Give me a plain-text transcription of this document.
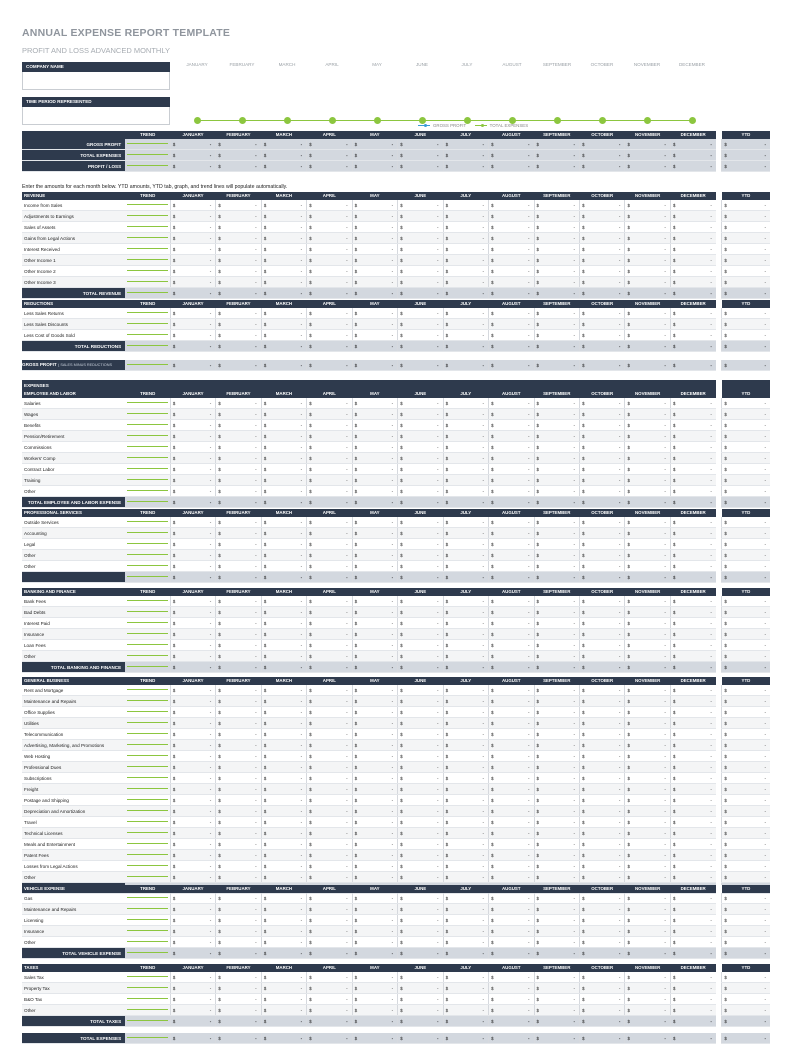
ANNUAL EXPENSE REPORT TEMPLATE
PROFIT AND LOSS ADVANCED MONTHLY
COMPANY NAME
TIME PERIOD REPRESENTED
JANUARY	FEBRUARY	MARCH	APRIL	MAY	JUNE	JULY	AUGUST	SEPTEMBER	OCTOBER	NOVEMBER	DECEMBER
GROSS PROFIT	TOTAL EXPENSES
Enter the amounts for each month below. YTD amounts, YTD tab, graph, and trend lines will populate automatically.
	TREND	JANUARY	FEBRUARY	MARCH	APRIL	MAY	JUNE	JULY	AUGUST	SEPTEMBER	OCTOBER	NOVEMBER	DECEMBER		YTD
GROSS PROFIT		$ -	$ -	$ -	$ -	$ -	$ -	$ -	$ -	$ -	$ -	$ -	$ -		$ -

TOTAL EXPENSES		$ -	$ -	$ -	$ -	$ -	$ -	$ -	$ -	$ -	$ -	$ -	$ -		$ -

PROFIT / LOSS		$ -	$ -	$ -	$ -	$ -	$ -	$ -	$ -	$ -	$ -	$ -	$ -		$ -
REVENUE	TREND	JANUARY	FEBRUARY	MARCH	APRIL	MAY	JUNE	JULY	AUGUST	SEPTEMBER	OCTOBER	NOVEMBER	DECEMBER		YTD
Income from Sales		$ -	$ -	$ -	$ -	$ -	$ -	$ -	$ -	$ -	$ -	$ -	$ -		$ -

Adjustments to Earnings		$ -	$ -	$ -	$ -	$ -	$ -	$ -	$ -	$ -	$ -	$ -	$ -		$ -

Sales of Assets		$ -	$ -	$ -	$ -	$ -	$ -	$ -	$ -	$ -	$ -	$ -	$ -		$ -

Gains from Legal Actions		$ -	$ -	$ -	$ -	$ -	$ -	$ -	$ -	$ -	$ -	$ -	$ -		$ -

Interest Received		$ -	$ -	$ -	$ -	$ -	$ -	$ -	$ -	$ -	$ -	$ -	$ -		$ -

Other Income 1		$ -	$ -	$ -	$ -	$ -	$ -	$ -	$ -	$ -	$ -	$ -	$ -		$ -

Other Income 2		$ -	$ -	$ -	$ -	$ -	$ -	$ -	$ -	$ -	$ -	$ -	$ -		$ -

Other Income 3		$ -	$ -	$ -	$ -	$ -	$ -	$ -	$ -	$ -	$ -	$ -	$ -		$ -

TOTAL REVENUE		$ -	$ -	$ -	$ -	$ -	$ -	$ -	$ -	$ -	$ -	$ -	$ -		$ -
REDUCTIONS	TREND	JANUARY	FEBRUARY	MARCH	APRIL	MAY	JUNE	JULY	AUGUST	SEPTEMBER	OCTOBER	NOVEMBER	DECEMBER		YTD
Less Sales Returns		$ -	$ -	$ -	$ -	$ -	$ -	$ -	$ -	$ -	$ -	$ -	$ -		$ -

Less Sales Discounts		$ -	$ -	$ -	$ -	$ -	$ -	$ -	$ -	$ -	$ -	$ -	$ -		$ -

Less Cost of Goods Sold		$ -	$ -	$ -	$ -	$ -	$ -	$ -	$ -	$ -	$ -	$ -	$ -		$ -

TOTAL REDUCTIONS		$ -	$ -	$ -	$ -	$ -	$ -	$ -	$ -	$ -	$ -	$ -	$ -		$ -
GROSS PROFIT ( SALES MINUS REDUCTIONS		$	-	$	-	$	-	$	-	$	-	$	-	$	-	$	-	$	-	$	-	$	-	$	-		$	-
EXPENSES															
EMPLOYEE AND LABOR	TREND	JANUARY	FEBRUARY	MARCH	APRIL	MAY	JUNE	JULY	AUGUST	SEPTEMBER	OCTOBER	NOVEMBER	DECEMBER		YTD
Salaries		$ -	$ -	$ -	$ -	$ -	$ -	$ -	$ -	$ -	$ -	$ -	$ -		$ -

Wages		$ -	$ -	$ -	$ -	$ -	$ -	$ -	$ -	$ -	$ -	$ -	$ -		$ -

Benefits		$ -	$ -	$ -	$ -	$ -	$ -	$ -	$ -	$ -	$ -	$ -	$ -		$ -

Pension/Retirement		$ -	$ -	$ -	$ -	$ -	$ -	$ -	$ -	$ -	$ -	$ -	$ -		$ -

Commissions		$ -	$ -	$ -	$ -	$ -	$ -	$ -	$ -	$ -	$ -	$ -	$ -		$ -

Workers' Comp		$ -	$ -	$ -	$ -	$ -	$ -	$ -	$ -	$ -	$ -	$ -	$ -		$ -

Contract Labor		$ -	$ -	$ -	$ -	$ -	$ -	$ -	$ -	$ -	$ -	$ -	$ -		$ -

Training		$ -	$ -	$ -	$ -	$ -	$ -	$ -	$ -	$ -	$ -	$ -	$ -		$ -

Other		$ -	$ -	$ -	$ -	$ -	$ -	$ -	$ -	$ -	$ -	$ -	$ -		$ -

TOTAL EMPLOYEE AND LABOR EXPENSE		$ -	$ -	$ -	$ -	$ -	$ -	$ -	$ -	$ -	$ -	$ -	$ -		$ -
PROFESSIONAL SERVICES	TREND	JANUARY	FEBRUARY	MARCH	APRIL	MAY	JUNE	JULY	AUGUST	SEPTEMBER	OCTOBER	NOVEMBER	DECEMBER		YTD
Outside Services		$ -	$ -	$ -	$ -	$ -	$ -	$ -	$ -	$ -	$ -	$ -	$ -		$ -

Accounting		$ -	$ -	$ -	$ -	$ -	$ -	$ -	$ -	$ -	$ -	$ -	$ -		$ -

Legal		$ -	$ -	$ -	$ -	$ -	$ -	$ -	$ -	$ -	$ -	$ -	$ -		$ -

Other		$ -	$ -	$ -	$ -	$ -	$ -	$ -	$ -	$ -	$ -	$ -	$ -		$ -

Other		$ -	$ -	$ -	$ -	$ -	$ -	$ -	$ -	$ -	$ -	$ -	$ -		$ -

		$ -	$ -	$ -	$ -	$ -	$ -	$ -	$ -	$ -	$ -	$ -	$ -		$ -
BANKING AND FINANCE	TREND	JANUARY	FEBRUARY	MARCH	APRIL	MAY	JUNE	JULY	AUGUST	SEPTEMBER	OCTOBER	NOVEMBER	DECEMBER		YTD
Bank Fees		$ -	$ -	$ -	$ -	$ -	$ -	$ -	$ -	$ -	$ -	$ -	$ -		$ -

Bad Debts		$ -	$ -	$ -	$ -	$ -	$ -	$ -	$ -	$ -	$ -	$ -	$ -		$ -

Interest Paid		$ -	$ -	$ -	$ -	$ -	$ -	$ -	$ -	$ -	$ -	$ -	$ -		$ -

Insurance		$ -	$ -	$ -	$ -	$ -	$ -	$ -	$ -	$ -	$ -	$ -	$ -		$ -

Loan Fees		$ -	$ -	$ -	$ -	$ -	$ -	$ -	$ -	$ -	$ -	$ -	$ -		$ -

Other		$ -	$ -	$ -	$ -	$ -	$ -	$ -	$ -	$ -	$ -	$ -	$ -		$ -

TOTAL BANKING AND FINANCE		$ -	$ -	$ -	$ -	$ -	$ -	$ -	$ -	$ -	$ -	$ -	$ -		$ -
GENERAL BUSINESS	TREND	JANUARY	FEBRUARY	MARCH	APRIL	MAY	JUNE	JULY	AUGUST	SEPTEMBER	OCTOBER	NOVEMBER	DECEMBER		YTD
Rent and Mortgage		$ -	$ -	$ -	$ -	$ -	$ -	$ -	$ -	$ -	$ -	$ -	$ -		$ -

Maintenance and Repairs		$ -	$ -	$ -	$ -	$ -	$ -	$ -	$ -	$ -	$ -	$ -	$ -		$ -

Office Supplies		$ -	$ -	$ -	$ -	$ -	$ -	$ -	$ -	$ -	$ -	$ -	$ -		$ -

Utilities		$ -	$ -	$ -	$ -	$ -	$ -	$ -	$ -	$ -	$ -	$ -	$ -		$ -

Telecommunication		$ -	$ -	$ -	$ -	$ -	$ -	$ -	$ -	$ -	$ -	$ -	$ -		$ -

Advertising, Marketing, and Promotions		$ -	$ -	$ -	$ -	$ -	$ -	$ -	$ -	$ -	$ -	$ -	$ -		$ -

Web Hosting		$ -	$ -	$ -	$ -	$ -	$ -	$ -	$ -	$ -	$ -	$ -	$ -		$ -

Professional Dues		$ -	$ -	$ -	$ -	$ -	$ -	$ -	$ -	$ -	$ -	$ -	$ -		$ -

Subscriptions		$ -	$ -	$ -	$ -	$ -	$ -	$ -	$ -	$ -	$ -	$ -	$ -		$ -

Freight		$ -	$ -	$ -	$ -	$ -	$ -	$ -	$ -	$ -	$ -	$ -	$ -		$ -

Postage and Shipping		$ -	$ -	$ -	$ -	$ -	$ -	$ -	$ -	$ -	$ -	$ -	$ -		$ -

Depreciation and Amortization		$ -	$ -	$ -	$ -	$ -	$ -	$ -	$ -	$ -	$ -	$ -	$ -		$ -

Travel		$ -	$ -	$ -	$ -	$ -	$ -	$ -	$ -	$ -	$ -	$ -	$ -		$ -

Technical Licenses		$ -	$ -	$ -	$ -	$ -	$ -	$ -	$ -	$ -	$ -	$ -	$ -		$ -

Meals and Entertainment		$ -	$ -	$ -	$ -	$ -	$ -	$ -	$ -	$ -	$ -	$ -	$ -		$ -

Patent Fees		$ -	$ -	$ -	$ -	$ -	$ -	$ -	$ -	$ -	$ -	$ -	$ -		$ -

Losses from Legal Actions		$ -	$ -	$ -	$ -	$ -	$ -	$ -	$ -	$ -	$ -	$ -	$ -		$ -

Other		$ -	$ -	$ -	$ -	$ -	$ -	$ -	$ -	$ -	$ -	$ -	$ -		$ -

VEHICLE EXPENSE	TREND	JANUARY	FEBRUARY	MARCH	APRIL	MAY	JUNE	JULY	AUGUST	SEPTEMBER	OCTOBER	NOVEMBER	DECEMBER		YTD
Gas		$ -	$ -	$ -	$ -	$ -	$ -	$ -	$ -	$ -	$ -	$ -	$ -		$ -

Maintenance and Repairs		$ -	$ -	$ -	$ -	$ -	$ -	$ -	$ -	$ -	$ -	$ -	$ -		$ -

Licensing		$ -	$ -	$ -	$ -	$ -	$ -	$ -	$ -	$ -	$ -	$ -	$ -		$ -

Insurance		$ -	$ -	$ -	$ -	$ -	$ -	$ -	$ -	$ -	$ -	$ -	$ -		$ -

Other		$ -	$ -	$ -	$ -	$ -	$ -	$ -	$ -	$ -	$ -	$ -	$ -		$ -

TOTAL VEHICLE EXPENSE		$ -	$ -	$ -	$ -	$ -	$ -	$ -	$ -	$ -	$ -	$ -	$ -		$ -
TAXES	TREND	JANUARY	FEBRUARY	MARCH	APRIL	MAY	JUNE	JULY	AUGUST	SEPTEMBER	OCTOBER	NOVEMBER	DECEMBER		YTD
Sales Tax		$ -	$ -	$ -	$ -	$ -	$ -	$ -	$ -	$ -	$ -	$ -	$ -		$ -

Property Tax		$ -	$ -	$ -	$ -	$ -	$ -	$ -	$ -	$ -	$ -	$ -	$ -		$ -

B&O Tax		$ -	$ -	$ -	$ -	$ -	$ -	$ -	$ -	$ -	$ -	$ -	$ -		$ -

Other		$ -	$ -	$ -	$ -	$ -	$ -	$ -	$ -	$ -	$ -	$ -	$ -		$ -

TOTAL TAXES		$ -	$ -	$ -	$ -	$ -	$ -	$ -	$ -	$ -	$ -	$ -	$ -		$ -
TOTAL EXPENSES		$	-	$	-	$	-	$	-	$	-	$	-	$	-	$	-	$	-	$	-	$	-	$	-		$	-
